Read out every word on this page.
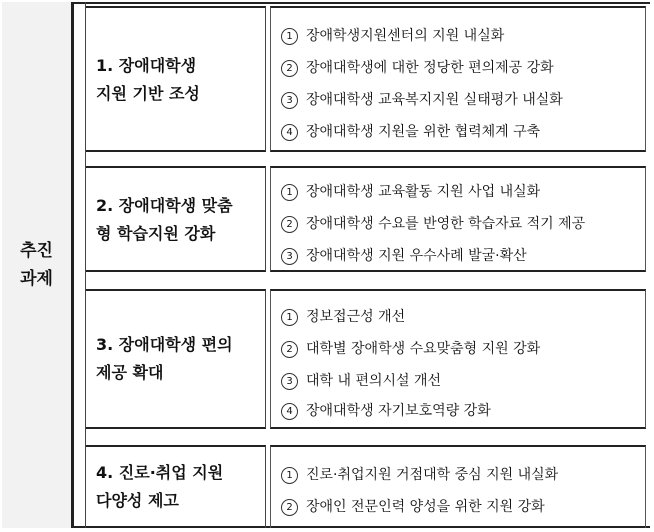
추진
과제
1. 장애대학생
지원 기반 조성
1 장애학생지원센터의 지원 내실화
2 장애대학생에 대한 정당한 편의제공 강화
3 장애대학생 교육복지지원 실태평가 내실화
4 장애대학생 지원을 위한 협력체계 구축
2. 장애대학생 맞춤
형 학습지원 강화
1 장애대학생 교육활동 지원 사업 내실화
2 장애대학생 수요를 반영한 학습자료 적기 제공
3 장애대학생 지원 우수사례 발굴·확산
3. 장애대학생 편의
제공 확대
1 정보접근성 개선
2 대학별 장애학생 수요맞춤형 지원 강화
3 대학 내 편의시설 개선
4 장애대학생 자기보호역량 강화
4. 진로·취업 지원
다양성 제고
1 진로·취업지원 거점대학 중심 지원 내실화
2 장애인 전문인력 양성을 위한 지원 강화
